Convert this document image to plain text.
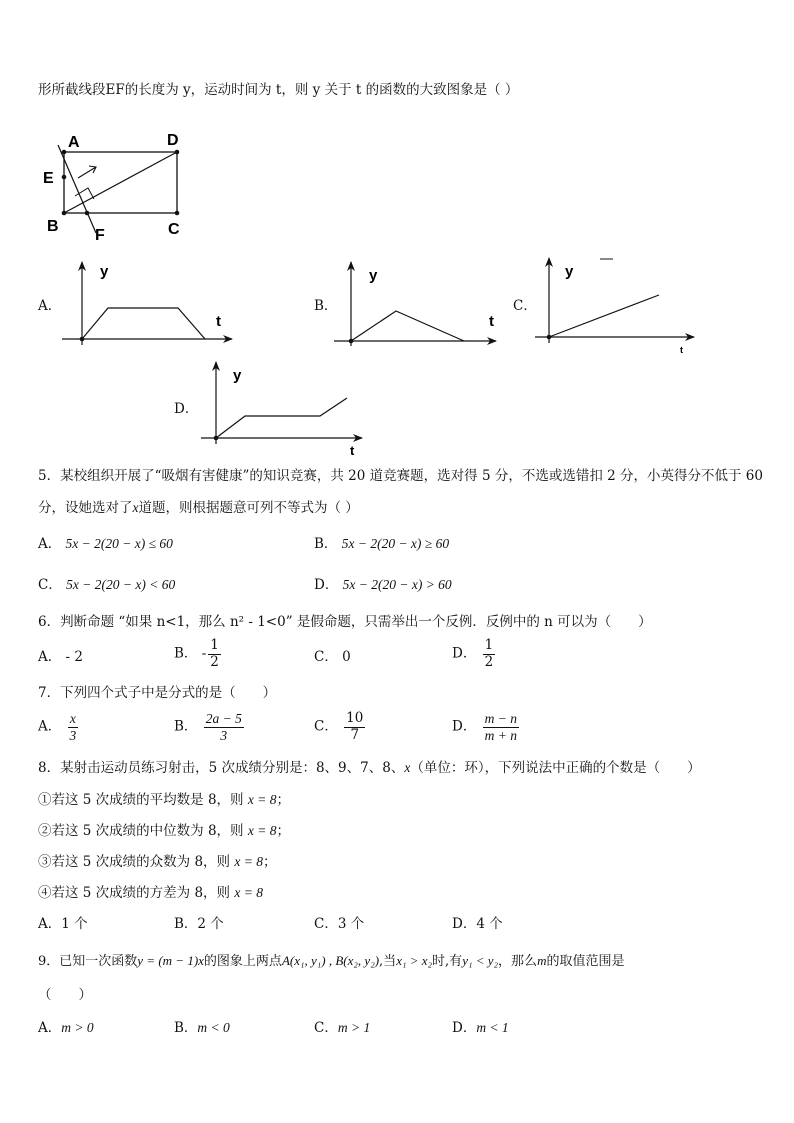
形所截线段EF的长度为 y，运动时间为 t，则 y 关于 t 的函数的大致图象是（ ）
A	D
E
B
F	C
A．	B．	C．
D．
y
t
y
t
y
t
y
t
5．某校组织开展了“吸烟有害健康”的知识竞赛，共 20 道竞赛题，选对得 5 分，不选或选错扣 2 分，小英得分不低于 60
分，设她选对了x道题，则根据题意可列不等式为（ ）
A． 5x − 2(20 − x) ≤ 60	B． 5x − 2(20 − x) ≥ 60
C． 5x − 2(20 − x) < 60	D． 5x − 2(20 − x) > 60
6．判断命题 “如果 n<1，那么 n² - 1<0” 是假命题，只需举出一个反例．反例中的 n 可以为（　　）
A． - 2	B． - $\frac{1}{2}$	C． 0	D． $\frac{1}{2}$
7．下列四个式子中是分式的是（　　）
A． $\frac{x}{3}$	B． $\frac{2a - 5}{3}$	C． $\frac{10}{7}$	D． $\frac{m - n}{m + n}$
8．某射击运动员练习射击，5 次成绩分别是：8、9、7、8、x（单位：环），下列说法中正确的个数是（　　）
①若这 5 次成绩的平均数是 8，则 x = 8；
②若这 5 次成绩的中位数为 8，则 x = 8；
③若这 5 次成绩的众数为 8，则 x = 8；
④若这 5 次成绩的方差为 8，则 x = 8
A．1 个	B．2 个	C．3 个	D．4 个
9．已知一次函数y = (m − 1)x的图象上两点A(x₁, y₁) , B(x₂, y₂),当x₁ > x₂时,有y₁ < y₂，那么m的取值范围是
（　　）
A．m > 0	B．m < 0	C．m > 1	D．m < 1
